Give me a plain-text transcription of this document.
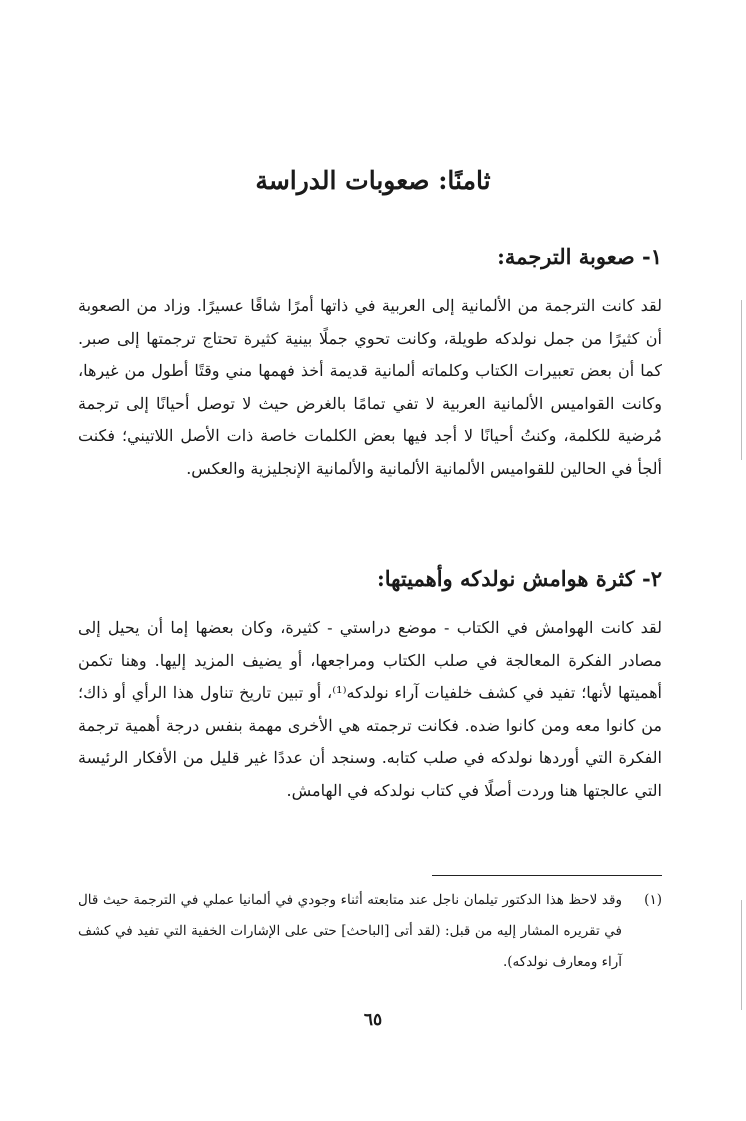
ثامنًا: صعوبات الدراسة
١- صعوبة الترجمة:

لقد كانت الترجمة من الألمانية إلى العربية في ذاتها أمرًا شاقًا عسيرًا. وزاد من الصعوبة أن كثيرًا من جمل نولدكه طويلة، وكانت تحوي جملًا بينية كثيرة تحتاج ترجمتها إلى صبر. كما أن بعض تعبيرات الكتاب وكلماته ألمانية قديمة أخذ فهمها مني وقتًا أطول من غيرها، وكانت القواميس الألمانية العربية لا تفي تمامًا بالغرض حيث لا توصل أحيانًا إلى ترجمة مُرضية للكلمة، وكنتُ أحيانًا لا أجد فيها بعض الكلمات خاصة ذات الأصل اللاتيني؛ فكنت ألجأ في الحالين للقواميس الألمانية الألمانية والألمانية الإنجليزية والعكس.

٢- كثرة هوامش نولدكه وأهميتها:

لقد كانت الهوامش في الكتاب - موضع دراستي - كثيرة، وكان بعضها إما أن يحيل إلى مصادر الفكرة المعالجة في صلب الكتاب ومراجعها، أو يضيف المزيد إليها. وهنا تكمن أهميتها لأنها؛ تفيد في كشف خلفيات آراء نولدكه⁽¹⁾، أو تبين تاريخ تناول هذا الرأي أو ذاك؛ من كانوا معه ومن كانوا ضده. فكانت ترجمته هي الأخرى مهمة بنفس درجة أهمية ترجمة الفكرة التي أوردها نولدكه في صلب كتابه. وسنجد أن عددًا غير قليل من الأفكار الرئيسة التي عالجتها هنا وردت أصلًا في كتاب نولدكه في الهامش.

(١)

وقد لاحظ هذا الدكتور تيلمان ناجل عند متابعته أثناء وجودي في ألمانيا عملي في الترجمة حيث قال في تقريره المشار إليه من قبل: (لقد أتى [الباحث] حتى على الإشارات الخفية التي تفيد في كشف آراء ومعارف نولدكه).

٦٥
